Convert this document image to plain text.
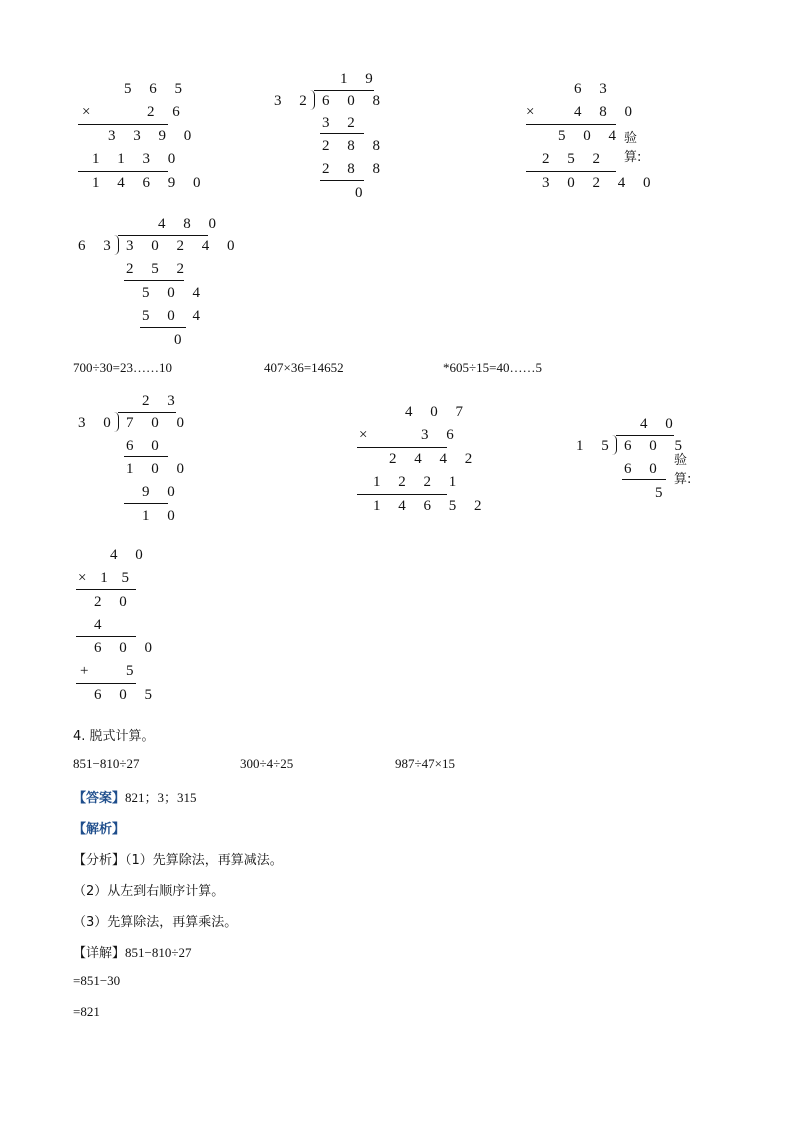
5 6 5
×	2 6
3 3 9 0
1 1 3 0
1 4 6 9 0
1 9
3 2 6 0 8
3 2
2 8 8
2 8 8
0
6 3
×	4 8 0
5 0 4 验算:
2 5 2
3 0 2 4 0
4 8 0
6 3 3 0 2 4 0
2 5 2
5 0 4
5 0 4
0
700÷30=23……10	407×36=14652	*605÷15=40……5
2 3
3 0 7 0 0
6 0
1 0 0
9 0
1 0
4 0 7
×	3 6
2 4 4 2
1 2 2 1
1 4 6 5 2
4 0
1 5 6 0 5
验算:
6 0
5
4 0
× 1 5
2 0
4
6 0 0
+	5
6 0 5
4. 脱式计算。
851−810÷27	300÷4÷25	987÷47×15
【答案】821；3；315
【解析】
【分析】（1）先算除法，再算减法。
（2）从左到右顺序计算。
（3）先算除法，再算乘法。
【详解】851−810÷27
=851−30
=821
